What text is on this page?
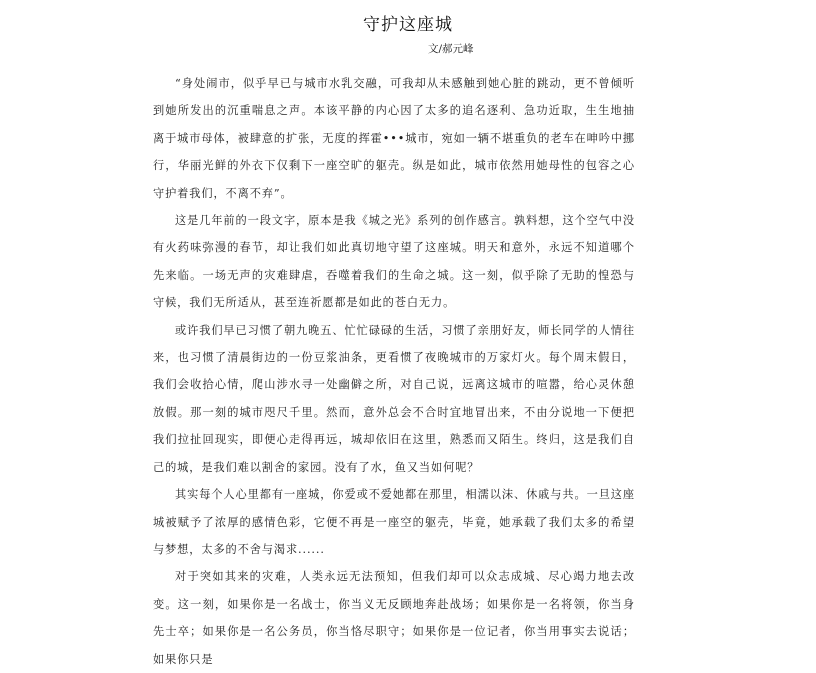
守护这座城
文/郝元峰

“身处闹市，似乎早已与城市水乳交融，可我却从未感触到她心脏的跳动，更不曾倾听到她所发出的沉重喘息之声。本该平静的内心因了太多的追名逐利、急功近取，生生地抽离于城市母体，被肆意的扩张，无度的挥霍•••城市，宛如一辆不堪重负的老车在呻吟中挪行，华丽光鲜的外衣下仅剩下一座空旷的躯壳。纵是如此，城市依然用她母性的包容之心守护着我们，不离不弃”。

这是几年前的一段文字，原本是我《城之光》系列的创作感言。孰料想，这个空气中没有火药味弥漫的春节，却让我们如此真切地守望了这座城。明天和意外，永远不知道哪个先来临。一场无声的灾难肆虐，吞噬着我们的生命之城。这一刻，似乎除了无助的惶恐与守候，我们无所适从，甚至连祈愿都是如此的苍白无力。

或许我们早已习惯了朝九晚五、忙忙碌碌的生活，习惯了亲朋好友，师长同学的人情往来，也习惯了清晨街边的一份豆浆油条，更看惯了夜晚城市的万家灯火。每个周末假日，我们会收拾心情，爬山涉水寻一处幽僻之所，对自己说，远离这城市的喧嚣，给心灵休憩放假。那一刻的城市咫尺千里。然而，意外总会不合时宜地冒出来，不由分说地一下便把我们拉扯回现实，即便心走得再远，城却依旧在这里，熟悉而又陌生。终归，这是我们自己的城，是我们难以割舍的家园。没有了水，鱼又当如何呢？

其实每个人心里都有一座城，你爱或不爱她都在那里，相濡以沫、休戚与共。一旦这座城被赋予了浓厚的感情色彩，它便不再是一座空的躯壳，毕竟，她承载了我们太多的希望与梦想，太多的不舍与渴求......

对于突如其来的灾难，人类永远无法预知，但我们却可以众志成城、尽心竭力地去改变。这一刻，如果你是一名战士，你当义无反顾地奔赴战场；如果你是一名将领，你当身先士卒；如果你是一名公务员，你当恪尽职守；如果你是一位记者，你当用事实去说话；如果你只是
